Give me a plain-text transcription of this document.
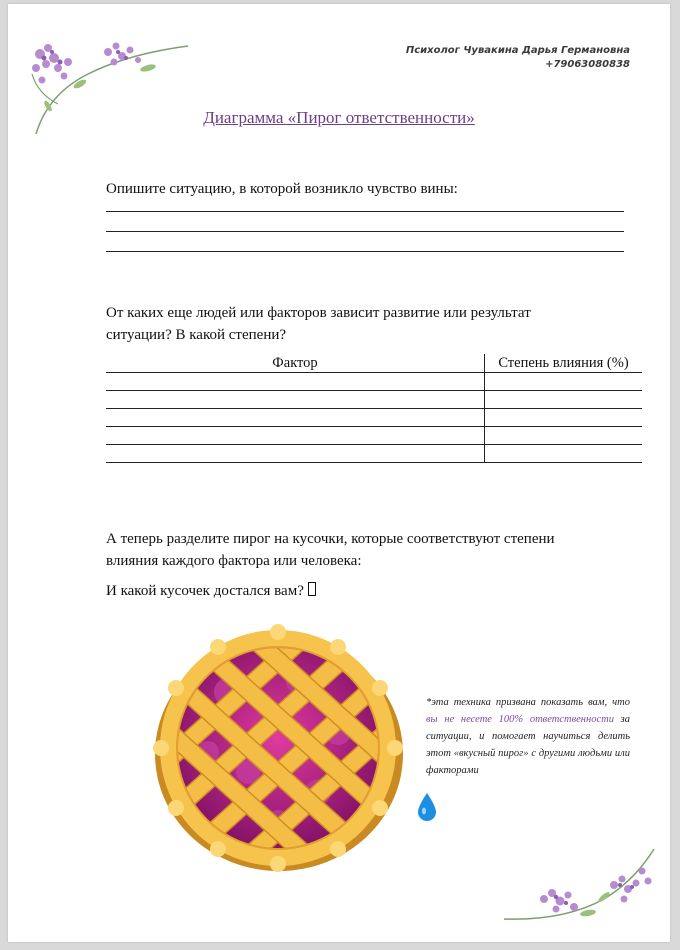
Психолог Чувакина Дарья Германовна
+79063080838
Диаграмма «Пирог ответственности»
Опишите ситуацию, в которой возникло чувство вины:
От каких еще людей или факторов зависит развитие или результат ситуации? В какой степени?
Фактор	Степень влияния (%)

А теперь разделите пирог на кусочки, которые соответствуют степени влияния каждого фактора или человека:
И какой кусочек достался вам?
*эта техника призвана показать вам, что вы не несете 100% ответственности за ситуации, и помогает научиться делить этот «вкусный пирог» с другими людьми или факторами
